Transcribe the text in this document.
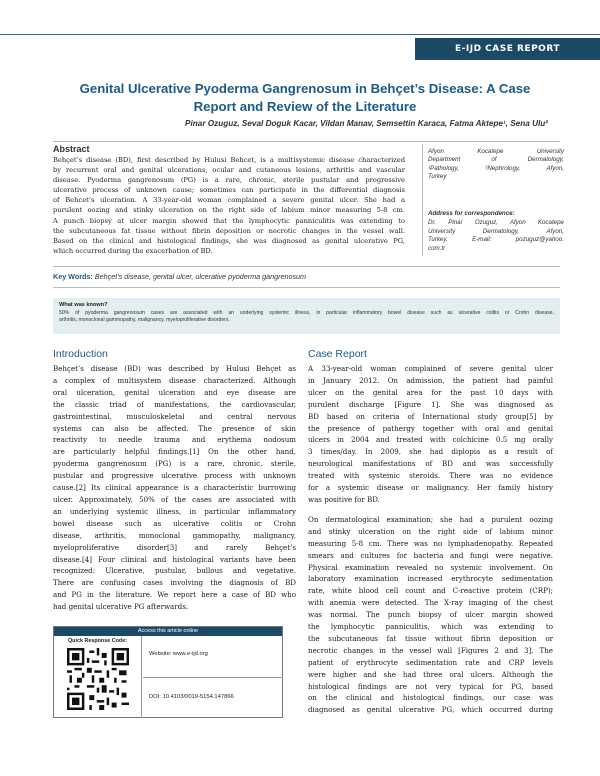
E-IJD CASE REPORT
Genital Ulcerative Pyoderma Gangrenosum in Behçet’s Disease: A Case
Report and Review of the Literature
Pinar Ozuguz, Seval Doguk Kacar, Vildan Manav, Semsettin Karaca, Fatma Aktepe¹, Sena Ulu²
Abstract
Behçet’s disease (BD), first described by Hulusi Behcet, is a multisystemic disease characterized
by recurrent oral and genital ulcerations, ocular and cutaneous lesions, arthritis and vascular
disease. Pyoderma gangrenosum (PG) is a rare, chronic, sterile pustular and progressive
ulcerative process of unknown cause; sometimes can participate in the differential diagnosis
of Behcet’s ulceration. A 33-year-old woman complained a severe genital ulcer. She had a
purulent oozing and stinky ulceration on the right side of labium minor measuring 5-8 cm.
A punch biopsy at ulcer margin showed that the lymphocytic panniculitis was extending to
the subcutaneous fat tissue without fibrin deposition or necrotic changes in the vessel wall.
Based on the clinical and histological findings, she was diagnosed as genital ulcerative PG,
which occurred during the exacerbation of BD.
Afyon Kocatepe University
Department of Dermatology,
¹Pathology, ²Nephrology, Afyon,
Turkey
Address for correspondence:
Dr. Pinar Ozuguz, Afyon Kocatepe
University Dermatology, Afyon,
Turkey. E-mail: pozuguz@yahoo.
com.tr
Key Words: Behçet’s disease, genital ulcer, ulcerative pyoderma gangrenosum
What was known?

50% of pyoderma gangrenosum cases are associated with an underlying systemic illness, in particular inflammatory bowel disease such as ulcerative colitis or Crohn disease,
arthritis, monoclonal gammopathy, malignancy, myeloproliferative disorders.

Introduction
Behçet’s disease (BD) was described by Hulusi Behçet as
a complex of multisystem disease characterized. Although
oral ulceration, genital ulceration and eye disease are
the classic triad of manifestations, the cardiovascular,
gastrointestinal, musculoskeletal and central nervous
systems can also be affected. The presence of skin
reactivity to needle trauma and erythema nodosum
are particularly helpful findings.[1] On the other hand,
pyoderma gangrenosum (PG) is a rare, chronic, sterile,
pustular and progressive ulcerative process with unknown
cause.[2] Its clinical appearance is a characteristic burrowing
ulcer. Approximately, 50% of the cases are associated with
an underlying systemic illness, in particular inflammatory
bowel disease such as ulcerative colitis or Crohn
disease, arthritis, monoclonal gammopathy, malignancy,
myeloproliferative disorder[3] and rarely Behçet’s
disease.[4] Four clinical and histological variants have been
recognized: Ulcerative, pustular, bullous and vegetative.
There are confusing cases involving the diagnosis of BD
and PG in the literature. We report here a case of BD who
had genital ulcerative PG afterwards.
Access this article online
Quick Response Code:
Website: www.e-ijd.org
DOI: 10.4103/0019-5154.147866
Case Report
A 33-year-old woman complained of severe genital ulcer
in January 2012. On admission, the patient had painful
ulcer on the genital area for the past 10 days with
purulent discharge [Figure 1]. She was diagnosed as
BD based on criteria of International study group[5] by
the presence of pathergy together with oral and genital
ulcers in 2004 and treated with colchicine 0.5 mg orally
3 times/day. In 2009, she had diplopia as a result of
neurological manifestations of BD and was successfully
treated with systemic steroids. There was no evidence
for a systemic disease or malignancy. Her family history
was positive for BD.
On dermatological examination; she had a purulent oozing
and stinky ulceration on the right side of labium minor
measuring 5-8 cm. There was no lymphadenopathy. Repeated
smears and cultures for bacteria and fungi were negative.
Physical examination revealed no systemic involvement. On
laboratory examination increased erythrocyte sedimentation
rate, white blood cell count and C-reactive protein (CRP);
with anemia were detected. The X-ray imaging of the chest
was normal. The punch biopsy of ulcer margin showed
the lymphocytic panniculitis, which was extending to
the subcutaneous fat tissue without fibrin deposition or
necrotic changes in the vessel wall [Figures 2 and 3]. The
patient of erythrocyte sedimentation rate and CRP levels
were higher and she had three oral ulcers. Although the
histological findings are not very typical for PG, based
on the clinical and histological findings, our case was
diagnosed as genital ulcerative PG, which occurred during
